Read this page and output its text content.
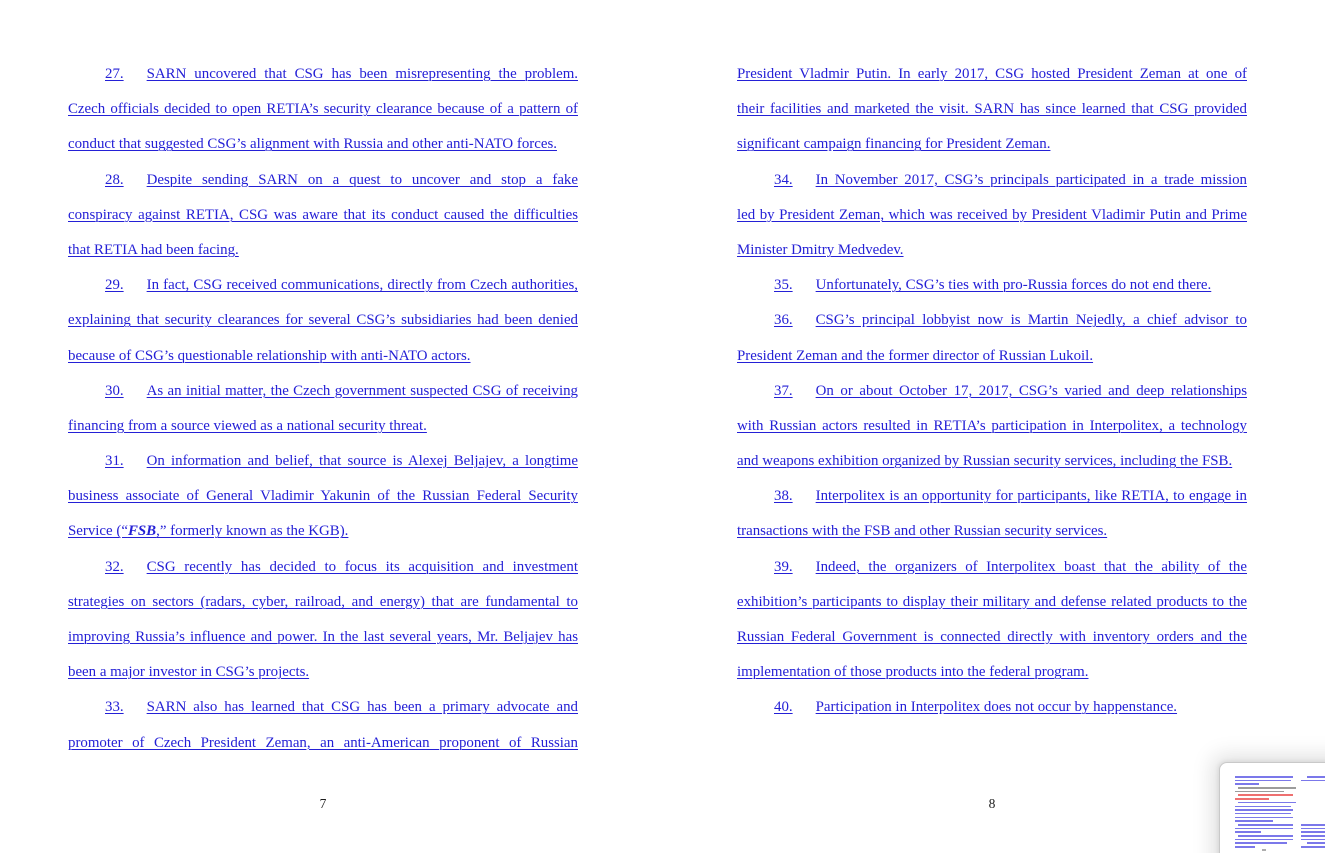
27. SARN uncovered that CSG has been misrepresenting the problem.
Czech officials decided to open RETIA’s security clearance because of a pattern of
conduct that suggested CSG’s alignment with Russia and other anti-NATO forces.
28. Despite sending SARN on a quest to uncover and stop a fake
conspiracy against RETIA, CSG was aware that its conduct caused the difficulties
that RETIA had been facing.
29. In fact, CSG received communications, directly from Czech authorities,
explaining that security clearances for several CSG’s subsidiaries had been denied
because of CSG’s questionable relationship with anti-NATO actors.
30. As an initial matter, the Czech government suspected CSG of receiving
financing from a source viewed as a national security threat.
31. On information and belief, that source is Alexej Beljajev, a longtime
business associate of General Vladimir Yakunin of the Russian Federal Security
Service (“FSB,” formerly known as the KGB).
32. CSG recently has decided to focus its acquisition and investment
strategies on sectors (radars, cyber, railroad, and energy) that are fundamental to
improving Russia’s influence and power. In the last several years, Mr. Beljajev has
been a major investor in CSG’s projects.
33. SARN also has learned that CSG has been a primary advocate and
promoter of Czech President Zeman, an anti-American proponent of Russian
7
President Vladmir Putin. In early 2017, CSG hosted President Zeman at one of
their facilities and marketed the visit. SARN has since learned that CSG provided
significant campaign financing for President Zeman.
34. In November 2017, CSG’s principals participated in a trade mission
led by President Zeman, which was received by President Vladimir Putin and Prime
Minister Dmitry Medvedev.
35. Unfortunately, CSG’s ties with pro-Russia forces do not end there.
36. CSG’s principal lobbyist now is Martin Nejedly, a chief advisor to
President Zeman and the former director of Russian Lukoil.
37. On or about October 17, 2017, CSG’s varied and deep relationships
with Russian actors resulted in RETIA’s participation in Interpolitex, a technology
and weapons exhibition organized by Russian security services, including the FSB.
38. Interpolitex is an opportunity for participants, like RETIA, to engage in
transactions with the FSB and other Russian security services.
39. Indeed, the organizers of Interpolitex boast that the ability of the
exhibition’s participants to display their military and defense related products to the
Russian Federal Government is connected directly with inventory orders and the
implementation of those products into the federal program.
40. Participation in Interpolitex does not occur by happenstance.
8
